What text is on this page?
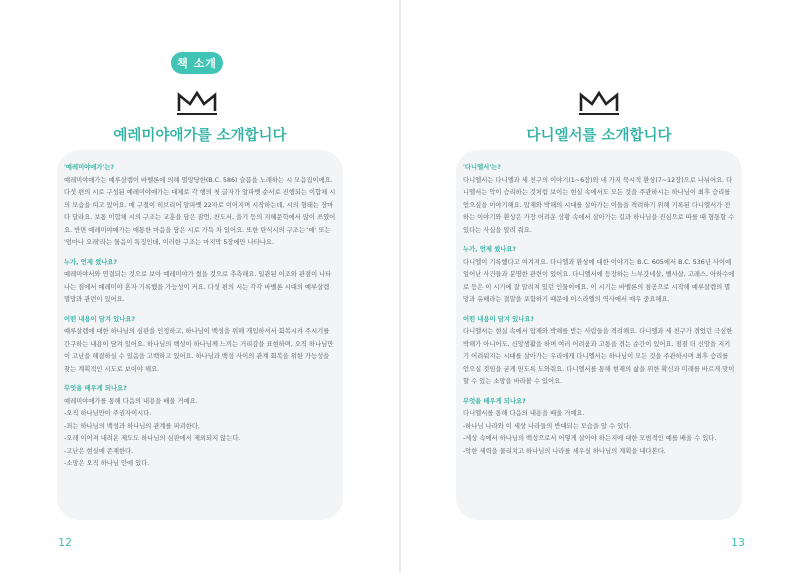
책 소개
예레미야애가를 소개합니다
'예레미야애가'는?
예레미야애가는 예루살렘이 바벨론에 의해 멸망당한(B.C. 586) 슬픔을 노래하는 시 모음집이에요. 다섯 편의 시로 구성된 예레미야애가는 대체로 각 행의 첫 글자가 알파벳 순서로 진행되는 이합체 시의 모습을 띠고 있어요. 매 구절이 히브리어 알파벳 22자로 이어지며 시작하는데, 시의 형태는 장마다 달라요. 보통 이합체 시의 구조는 교훈을 담은 잠언, 찬도서, 을기 등의 지혜문학에서 많이 쓰였어요. 반면 예레미야애가는 애통한 마음을 담은 시로 가득 차 있어요. 또한 탄식시의 구조는 '애' 또는 '엄마나 오래'라는 물음이 특징인데, 이러한 구조는 마지막 5장에만 나타나요.
누가, 언제 썼나요?
예레미야서와 연결되는 것으로 보아 예레미야가 썼을 것으로 추측해요. 일관된 어조와 관점이 나타나는 점에서 예레미야 혼자 기록했을 가능성이 커요. 다섯 편의 시는 각각 바벨론 시대의 예루살렘 멸망과 관련이 있어요.
어떤 내용이 담겨 있나요?
예루살렘에 대한 하나님의 심판을 인정하고, 하나님이 백성을 위해 개입하셔서 회복시켜 주시기를 간구하는 내용이 담겨 있어요. 하나님의 백성이 하나님께 느끼는 거리감을 표현하며, 오직 하나님만이 고난을 해결하실 수 있음을 고백하고 있어요. 하나님과 백성 사이의 관계 회복을 위한 가능성을 찾는 계획적인 시도로 보이야 해요.
무엇을 배우게 되나요?
예레미야애가를 통해 다음의 내용을 배울 거예요.
-오직 하나님만이 주권자이시다.
-죄는 하나님의 백성과 하나님의 관계를 파괴한다.
-오래 이어져 내려온 제도도 하나님의 심판에서 제외되지 않는다.
-고난은 현실에 존재한다.
-소망은 오직 하나님 안에 있다.
12
다니엘서를 소개합니다
'다니엘서'는?
다니엘서는 다니엘과 세 친구의 이야기(1~6장)와 네 가지 묵시적 환상(7~12장)으로 나뉘어요. 다니엘서는 악이 승리하는 것처럼 보이는 현실 속에서도 모든 것을 주관하시는 하나님이 최후 승리를 얻으심을 이야기해요. 압제와 박해의 시대를 살아가는 이들을 격려하기 위해 기록된 다니엘서가 전하는 이야기와 환상은 가장 어려운 상황 속에서 살아가는 길과 하나님을 진심으로 따를 때 형통할 수 있다는 사실을 알려 줘요.
누가, 언제 썼나요?
다니엘이 기록했다고 여겨져요. 다니엘과 환상에 대한 이야기는 B.C. 605에서 B.C. 536년 사이에 일어난 사건들과 분명한 관련이 있어요. 다니엘서에 등장하는 느부갓네살, 벨사살, 고레스, 아하수에로 등은 이 시기에 잘 알려져 있던 인물이에요. 이 시기는 바벨론의 침공으로 시작해 예루살렘의 멸망과 유배라는 결말을 포함하기 때문에 이스라엘의 역사에서 매우 중요해요.
어떤 내용이 담겨 있나요?
다니엘서는 현실 속에서 압제와 박해를 받는 사람들을 격려해요. 다니엘과 세 친구가 겪었던 극심한 박해가 아니어도, 신앙생활을 하며 여러 어려움과 고통을 겪는 순간이 있어요. 점점 더 신앙을 지키기 어려워지는 시대를 살아가는 우리에게 다니엘서는 하나님이 모든 것을 주관하시며 최후 승리를 얻으실 것임을 굳게 믿도록 도와줘요. 다니엘서를 통해 현재의 삶을 위한 확신과 미래를 바르게 맞이할 수 있는 소망을 바라볼 수 있어요.
무엇을 배우게 되나요?
다니엘서를 통해 다음의 내용을 배울 거예요.
-하나님 나라와 이 세상 나라들의 반대되는 모습을 알 수 있다.
-세상 속에서 하나님의 백성으로서 어떻게 살아야 하는지에 대한 모범적인 예를 배울 수 있다.
-악한 세력을 물리치고 하나님의 나라를 세우실 하나님의 계획을 내다본다.
13
